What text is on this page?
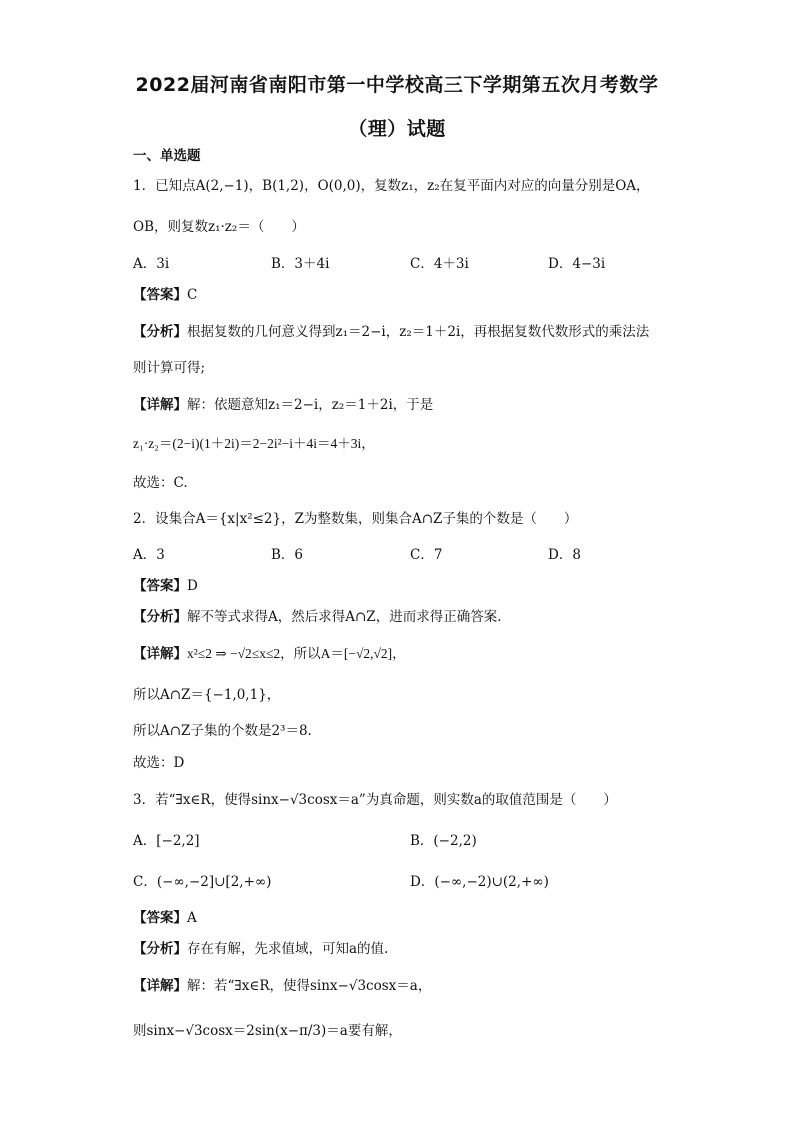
2022届河南省南阳市第一中学校高三下学期第五次月考数学
（理）试题
一、单选题
1．已知点A(2,−1)，B(1,2)，O(0,0)，复数z₁，z₂在复平面内对应的向量分别是OA，
OB，则复数z₁·z₂＝（　　）
A．3i	B．3＋4i	C．4＋3i	D．4−3i
【答案】C
【分析】根据复数的几何意义得到z₁＝2−i，z₂＝1＋2i，再根据复数代数形式的乘法法
则计算可得;
【详解】解：依题意知z₁＝2−i，z₂＝1＋2i，于是
z₁·z₂＝(2−i)(1＋2i)＝2−2i²−i＋4i＝4＋3i，
故选：C.
2．设集合A＝{x|x²≤2}，Z为整数集，则集合A∩Z子集的个数是（　　）
A．3	B．6	C．7	D．8
【答案】D
【分析】解不等式求得A，然后求得A∩Z，进而求得正确答案.
【详解】x²≤2 ⇒ −√2≤x≤2，所以A＝[−√2,√2]，
所以A∩Z＝{−1,0,1}，
所以A∩Z子集的个数是2³＝8.
故选：D
3．若“∃x∈R，使得sinx−√3cosx＝a”为真命题，则实数a的取值范围是（　　）
A．[−2,2]	B．(−2,2)
C．(−∞,−2]∪[2,+∞)	D．(−∞,−2)∪(2,+∞)
【答案】A
【分析】存在有解，先求值域，可知a的值.
【详解】解：若“∃x∈R，使得sinx−√3cosx＝a，
则sinx−√3cosx＝2sin(x−π/3)＝a要有解，
